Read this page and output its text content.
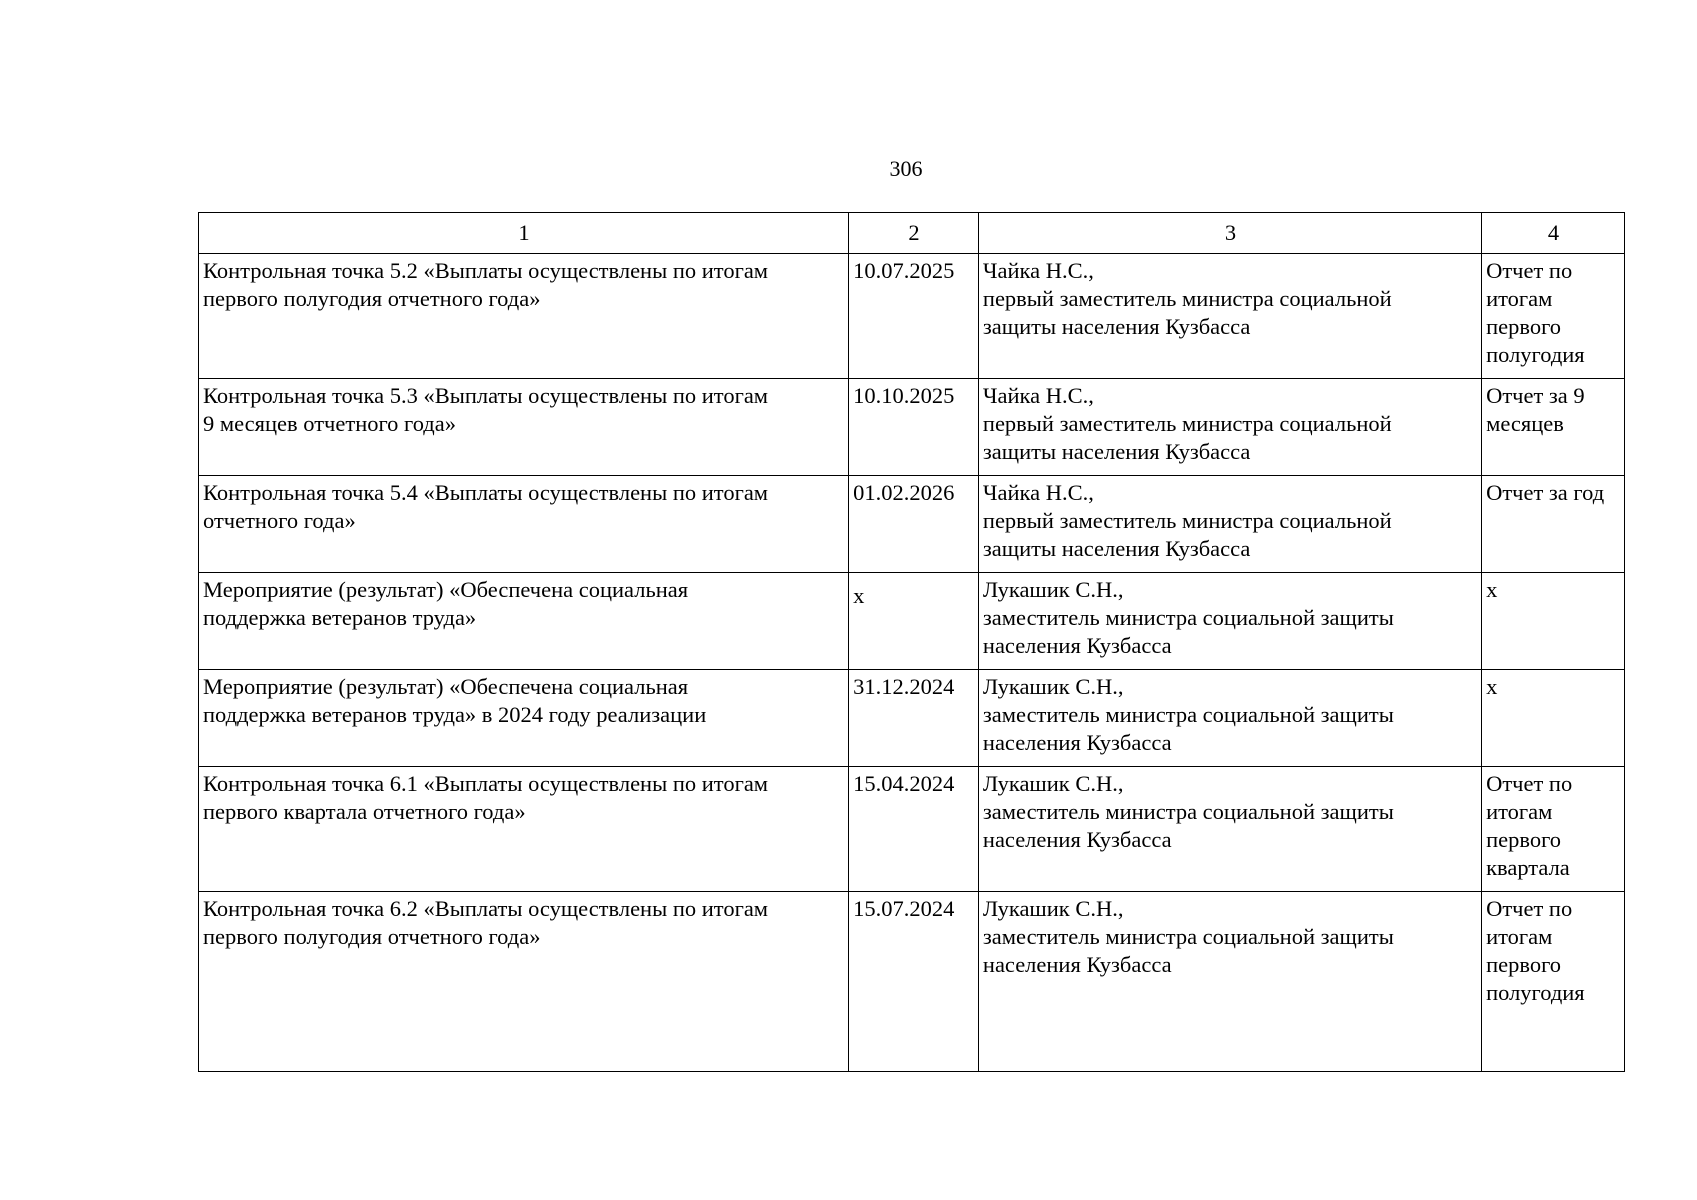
306
1	2	3	4

Контрольная точка 5.2 «Выплаты осуществлены по итогам
первого полугодия отчетного года»	10.07.2025	Чайка Н.С.,
первый заместитель министра социальной
защиты населения Кузбасса	Отчет по итогам первого полугодия

Контрольная точка 5.3 «Выплаты осуществлены по итогам
9 месяцев отчетного года»	10.10.2025	Чайка Н.С.,
первый заместитель министра социальной
защиты населения Кузбасса	Отчет за 9 месяцев

Контрольная точка 5.4 «Выплаты осуществлены по итогам
отчетного года»	01.02.2026	Чайка Н.С.,
первый заместитель министра социальной
защиты населения Кузбасса	Отчет за год

Мероприятие (результат) «Обеспечена социальная
поддержка ветеранов труда»	х	Лукашик С.Н.,
заместитель министра социальной защиты
населения Кузбасса	х

Мероприятие (результат) «Обеспечена социальная
поддержка ветеранов труда» в 2024 году реализации	31.12.2024	Лукашик С.Н.,
заместитель министра социальной защиты
населения Кузбасса	х

Контрольная точка 6.1 «Выплаты осуществлены по итогам
первого квартала отчетного года»	15.04.2024	Лукашик С.Н.,
заместитель министра социальной защиты
населения Кузбасса	Отчет по итогам первого квартала

Контрольная точка 6.2 «Выплаты осуществлены по итогам
первого полугодия отчетного года»	15.07.2024	Лукашик С.Н.,
заместитель министра социальной защиты
населения Кузбасса	Отчет по итогам первого полугодия
